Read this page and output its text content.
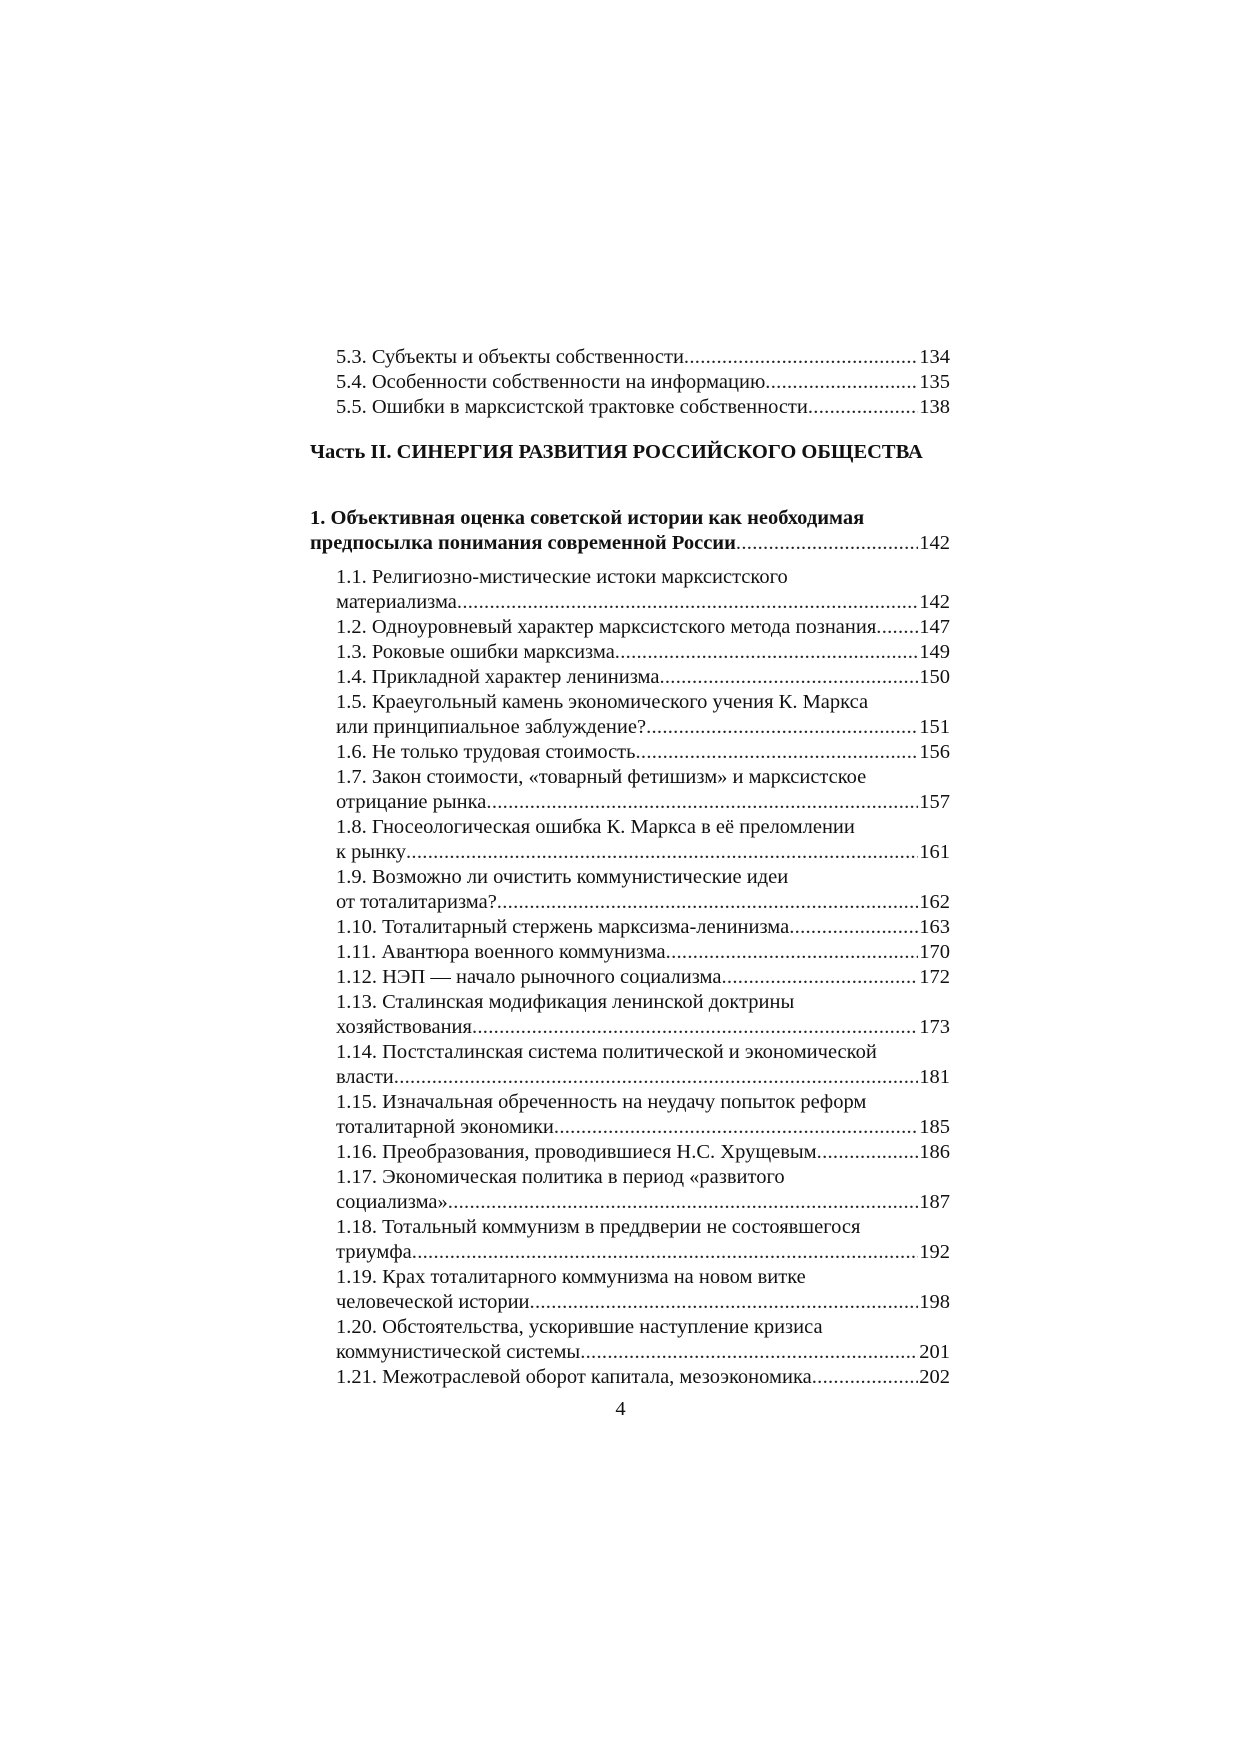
5.3. Субъекты и объекты собственности .....	134
5.4. Особенности собственности на информацию .....	135
5.5. Ошибки в марксистской трактовке собственности .....	138
Часть II. СИНЕРГИЯ РАЗВИТИЯ РОССИЙСКОГО ОБЩЕСТВА
1. Объективная оценка советской истории как необходимая
предпосылка понимания современной России .....	142
1.1. Религиозно-мистические истоки марксистского
материализма .....	142
1.2. Одноуровневый характер марксистского метода познания ..... 147
1.3. Роковые ошибки марксизма .....	149
1.4. Прикладной характер ленинизма .....	150
1.5. Краеугольный камень экономического учения К. Маркса
или принципиальное заблуждение? .....	151
1.6. Не только трудовая стоимость .....	156
1.7. Закон стоимости, «товарный фетишизм» и марксистское
отрицание рынка .....	157
1.8. Гносеологическая ошибка К. Маркса в её преломлении
к рынку .....	161
1.9. Возможно ли очистить коммунистические идеи
от тоталитаризма? .....	162
1.10. Тоталитарный стержень марксизма-ленинизма .....	163
1.11. Авантюра военного коммунизма .....	170
1.12. НЭП — начало рыночного социализма .....	172
1.13. Сталинская модификация ленинской доктрины
хозяйствования .....	173
1.14. Постсталинская система политической и экономической
власти .....	181
1.15. Изначальная обреченность на неудачу попыток реформ
тоталитарной экономики .....	185
1.16. Преобразования, проводившиеся Н.С. Хрущевым .....	186
1.17. Экономическая политика в период «развитого
социализма» .....	187
1.18. Тотальный коммунизм в преддверии не состоявшегося
триумфа .....	192
1.19. Крах тоталитарного коммунизма на новом витке
человеческой истории .....	198
1.20. Обстоятельства, ускорившие наступление кризиса
коммунистической системы .....	201
1.21. Межотраслевой оборот капитала, мезоэкономика .....	202
4
